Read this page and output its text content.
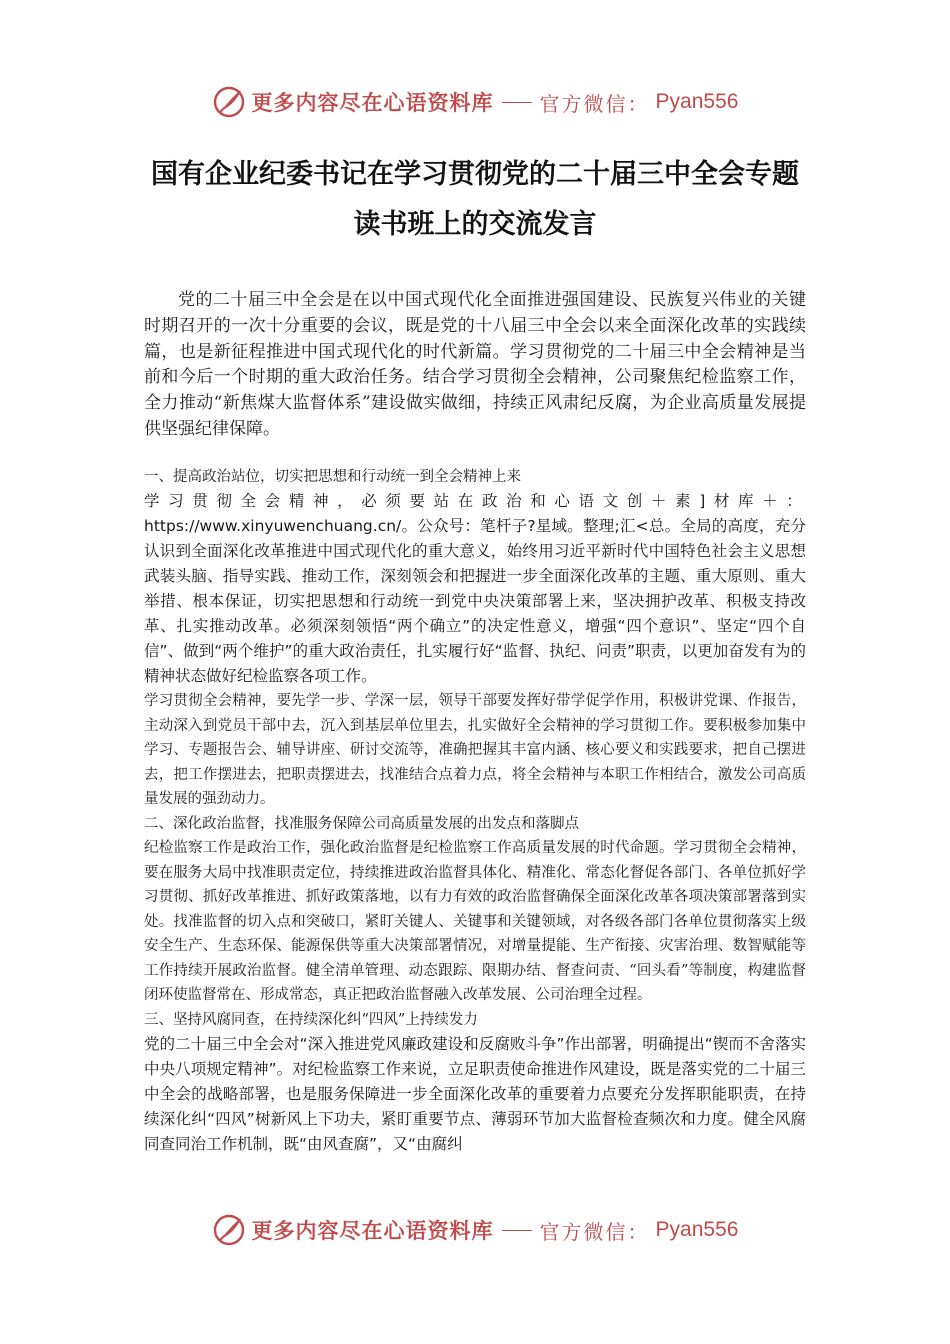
更多内容尽在心语资料库 官方微信： Pyan556
国有企业纪委书记在学习贯彻党的二十届三中全会专题读书班上的交流发言

党的二十届三中全会是在以中国式现代化全面推进强国建设、民族复兴伟业的关键时期召开的一次十分重要的会议，既是党的十八届三中全会以来全面深化改革的实践续篇，也是新征程推进中国式现代化的时代新篇。学习贯彻党的二十届三中全会精神是当前和今后一个时期的重大政治任务。结合学习贯彻全会精神，公司聚焦纪检监察工作，全力推动“新焦煤大监督体系”建设做实做细，持续正风肃纪反腐，为企业高质量发展提供坚强纪律保障。

一、提高政治站位，切实把思想和行动统一到全会精神上来

学习贯彻全会精神，必须要站在政治和心语文创＋素]材库＋： https://www.xinyuwenchuang.cn/。公众号：笔杆子?星域。整理;汇<总。全局的高度，充分认识到全面深化改革推进中国式现代化的重大意义，始终用习近平新时代中国特色社会主义思想武装头脑、指导实践、推动工作，深刻领会和把握进一步全面深化改革的主题、重大原则、重大举措、根本保证，切实把思想和行动统一到党中央决策部署上来，坚决拥护改革、积极支持改革、扎实推动改革。必须深刻领悟“两个确立”的决定性意义，增强“四个意识”、坚定“四个自信”、做到“两个维护”的重大政治责任，扎实履行好“监督、执纪、问责”职责，以更加奋发有为的精神状态做好纪检监察各项工作。

学习贯彻全会精神，要先学一步、学深一层，领导干部要发挥好带学促学作用，积极讲党课、作报告，主动深入到党员干部中去，沉入到基层单位里去，扎实做好全会精神的学习贯彻工作。要积极参加集中学习、专题报告会、辅导讲座、研讨交流等，准确把握其丰富内涵、核心要义和实践要求，把自己摆进去，把工作摆进去，把职责摆进去，找准结合点着力点，将全会精神与本职工作相结合，激发公司高质量发展的强劲动力。

二、深化政治监督，找准服务保障公司高质量发展的出发点和落脚点

纪检监察工作是政治工作，强化政治监督是纪检监察工作高质量发展的时代命题。学习贯彻全会精神，要在服务大局中找准职责定位，持续推进政治监督具体化、精准化、常态化督促各部门、各单位抓好学习贯彻、抓好改革推进、抓好政策落地，以有力有效的政治监督确保全面深化改革各项决策部署落到实处。找准监督的切入点和突破口，紧盯关键人、关键事和关键领域，对各级各部门各单位贯彻落实上级安全生产、生态环保、能源保供等重大决策部署情况，对增量提能、生产衔接、灾害治理、数智赋能等工作持续开展政治监督。健全清单管理、动态跟踪、限期办结、督查问责、“回头看”等制度，构建监督闭环使监督常在、形成常态，真正把政治监督融入改革发展、公司治理全过程。

三、坚持风腐同查，在持续深化纠“四风”上持续发力

党的二十届三中全会对“深入推进党风廉政建设和反腐败斗争”作出部署，明确提出“锲而不舍落实中央八项规定精神”。对纪检监察工作来说，立足职责使命推进作风建设，既是落实党的二十届三中全会的战略部署，也是服务保障进一步全面深化改革的重要着力点要充分发挥职能职责，在持续深化纠“四风”树新风上下功夫，紧盯重要节点、薄弱环节加大监督检查频次和力度。健全风腐同查同治工作机制，既“由风查腐”，又“由腐纠

更多内容尽在心语资料库 官方微信： Pyan556
